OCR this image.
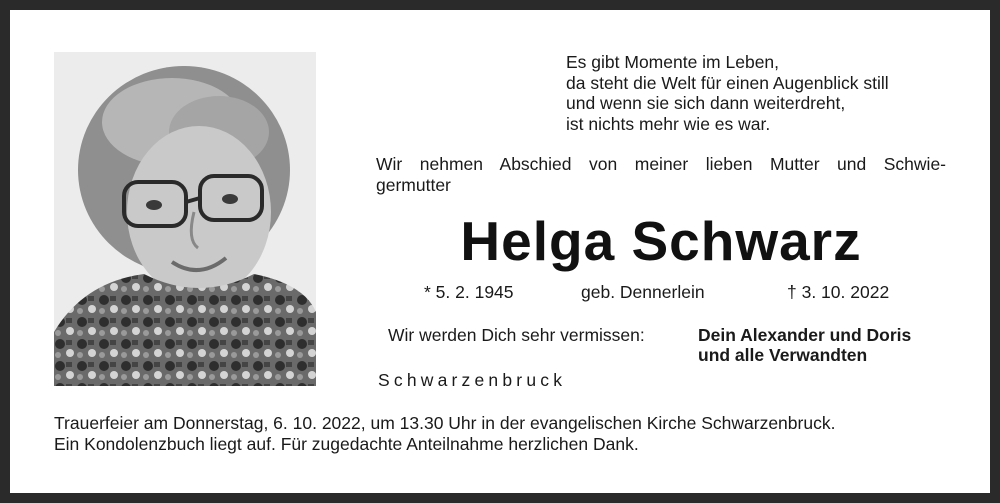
Es gibt Momente im Leben,
da steht die Welt für einen Augenblick still
und wenn sie sich dann weiterdreht,
ist nichts mehr wie es war.
Wir nehmen Abschied von meiner lieben Mutter und Schwie-
germutter
Helga Schwarz
* 5. 2. 1945	geb. Dennerlein	† 3. 10. 2022
Wir werden Dich sehr vermissen:	Dein Alexander und Doris
und alle Verwandten
Schwarzenbruck
Trauerfeier am Donnerstag, 6. 10. 2022, um 13.30 Uhr in der evangelischen Kirche Schwarzenbruck.
Ein Kondolenzbuch liegt auf. Für zugedachte Anteilnahme herzlichen Dank.
